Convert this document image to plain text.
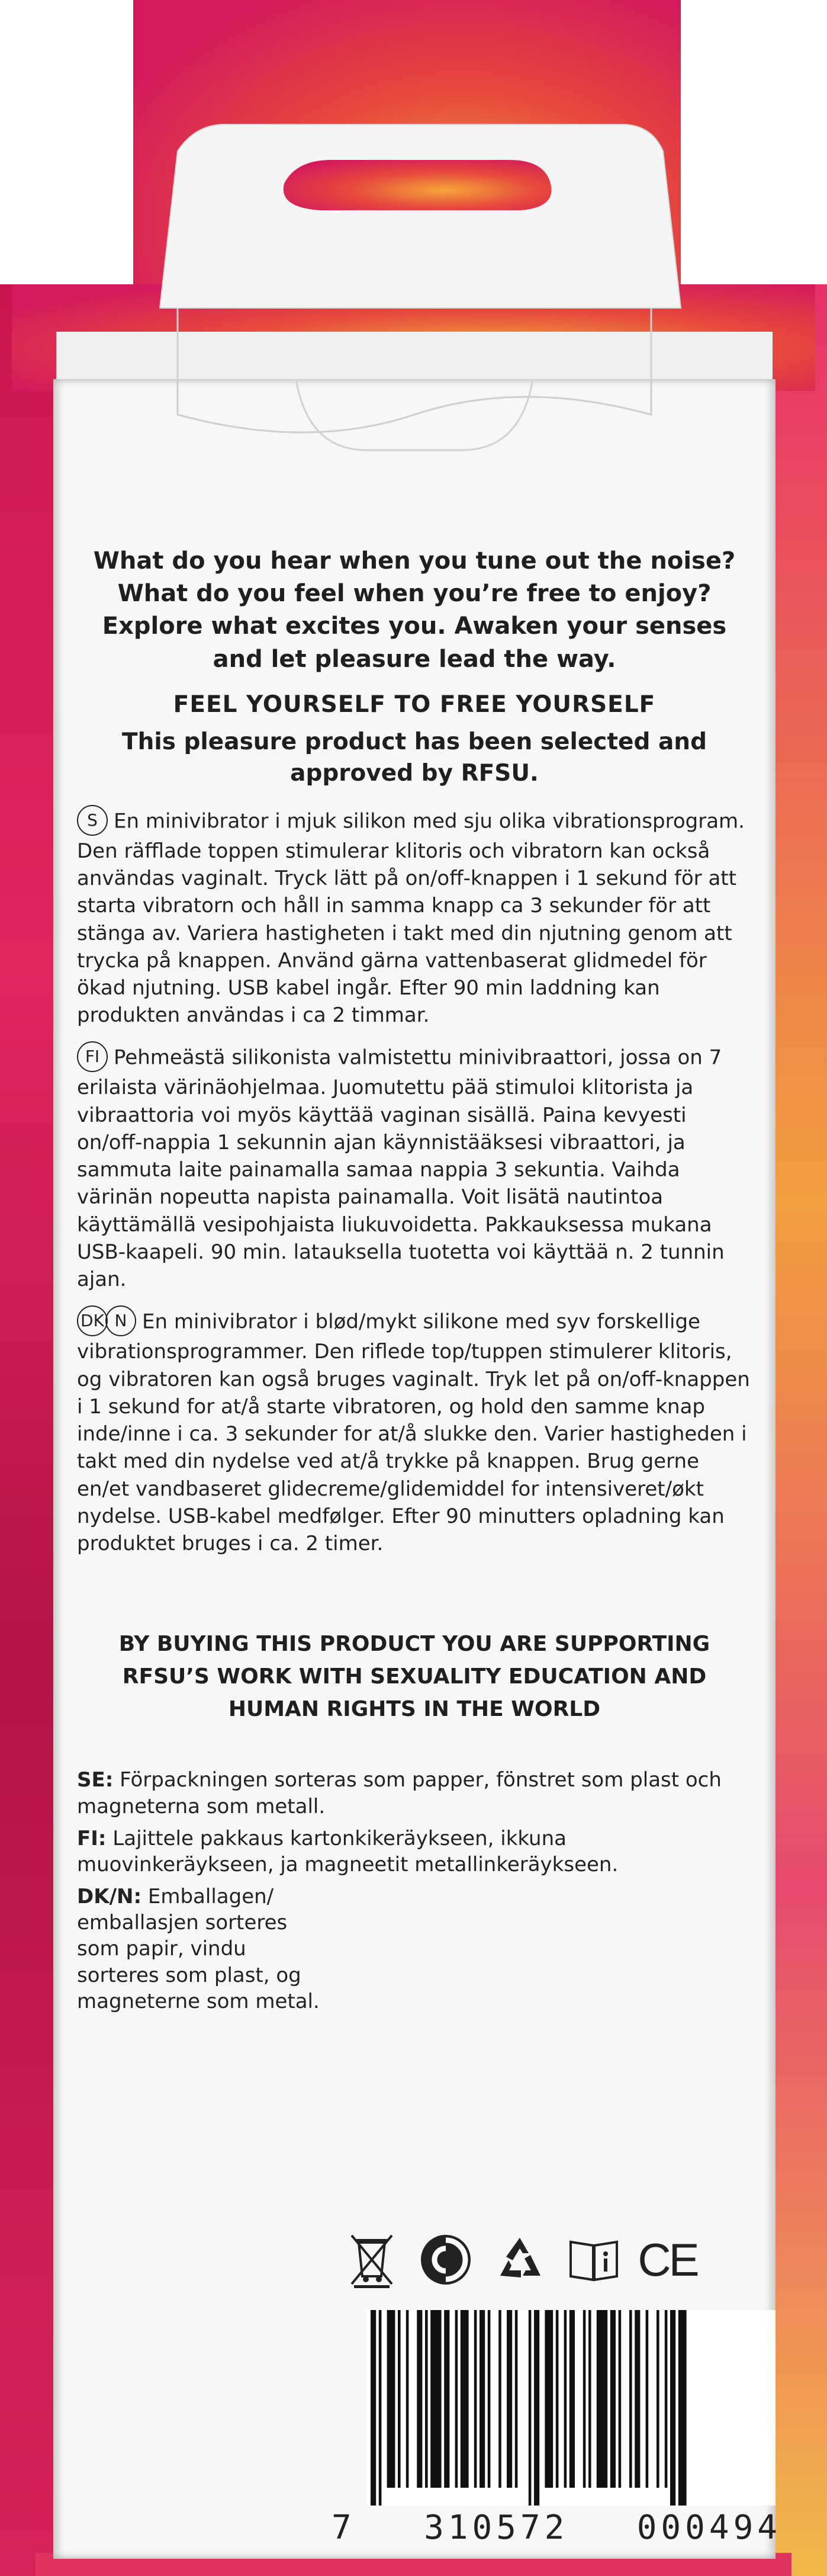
What do you hear when you tune out the noise? What do you feel when you’re free to enjoy? Explore what excites you. Awaken your senses and let pleasure lead the way.

FEEL YOURSELF TO FREE YOURSELF

This pleasure product has been selected and approved by RFSU.

S En minivibrator i mjuk silikon med sju olika vibrationsprogram. Den räfflade toppen stimulerar klitoris och vibratorn kan också användas vaginalt. Tryck lätt på on/off-knappen i 1 sekund för att starta vibratorn och håll in samma knapp ca 3 sekunder för att stänga av. Variera hastigheten i takt med din njutning genom att trycka på knappen. Använd gärna vattenbaserat glidmedel för ökad njutning. USB kabel ingår. Efter 90 min laddning kan produkten användas i ca 2 timmar.
FI Pehmeästä silikonista valmistettu minivibraattori, jossa on 7 erilaista värinäohjelmaa. Juomutettu pää stimuloi klitorista ja vibraattoria voi myös käyttää vaginan sisällä. Paina kevyesti on/off-nappia 1 sekunnin ajan käynnistääksesi vibraattori, ja sammuta laite painamalla samaa nappia 3 sekuntia. Vaihda värinän nopeutta napista painamalla. Voit lisätä nautintoa käyttämällä vesipohjaista liukuvoidetta. Pakkauksessa mukana USB-kaapeli. 90 min. latauksella tuotetta voi käyttää n. 2 tunnin ajan.
DK N En minivibrator i blød/mykt silikone med syv forskellige vibrationsprogrammer. Den riflede top/tuppen stimulerer klitoris, og vibratoren kan også bruges vaginalt. Tryk let på on/off-knappen i 1 sekund for at/å starte vibratoren, og hold den samme knap inde/inne i ca. 3 sekunder for at/å slukke den. Varier hastigheden i takt med din nydelse ved at/å trykke på knappen. Brug gerne en/et vandbaseret glidecreme/glidemiddel for intensiveret/økt nydelse. USB-kabel medfølger. Efter 90 minutters opladning kan produktet bruges i ca. 2 timer.

BY BUYING THIS PRODUCT YOU ARE SUPPORTING RFSU’S WORK WITH SEXUALITY EDUCATION AND HUMAN RIGHTS IN THE WORLD

SE: Förpackningen sorteras som papper, fönstret som plast och magneterna som metall.
FI: Lajittele pakkaus kartonkikeräykseen, ikkuna muovinkeräykseen, ja magneetit metallinkeräykseen.
DK/N: Emballagen/ emballasjen sorteres som papir, vindu sorteres som plast, og magneterne som metal.
CE
7 310572 000494
